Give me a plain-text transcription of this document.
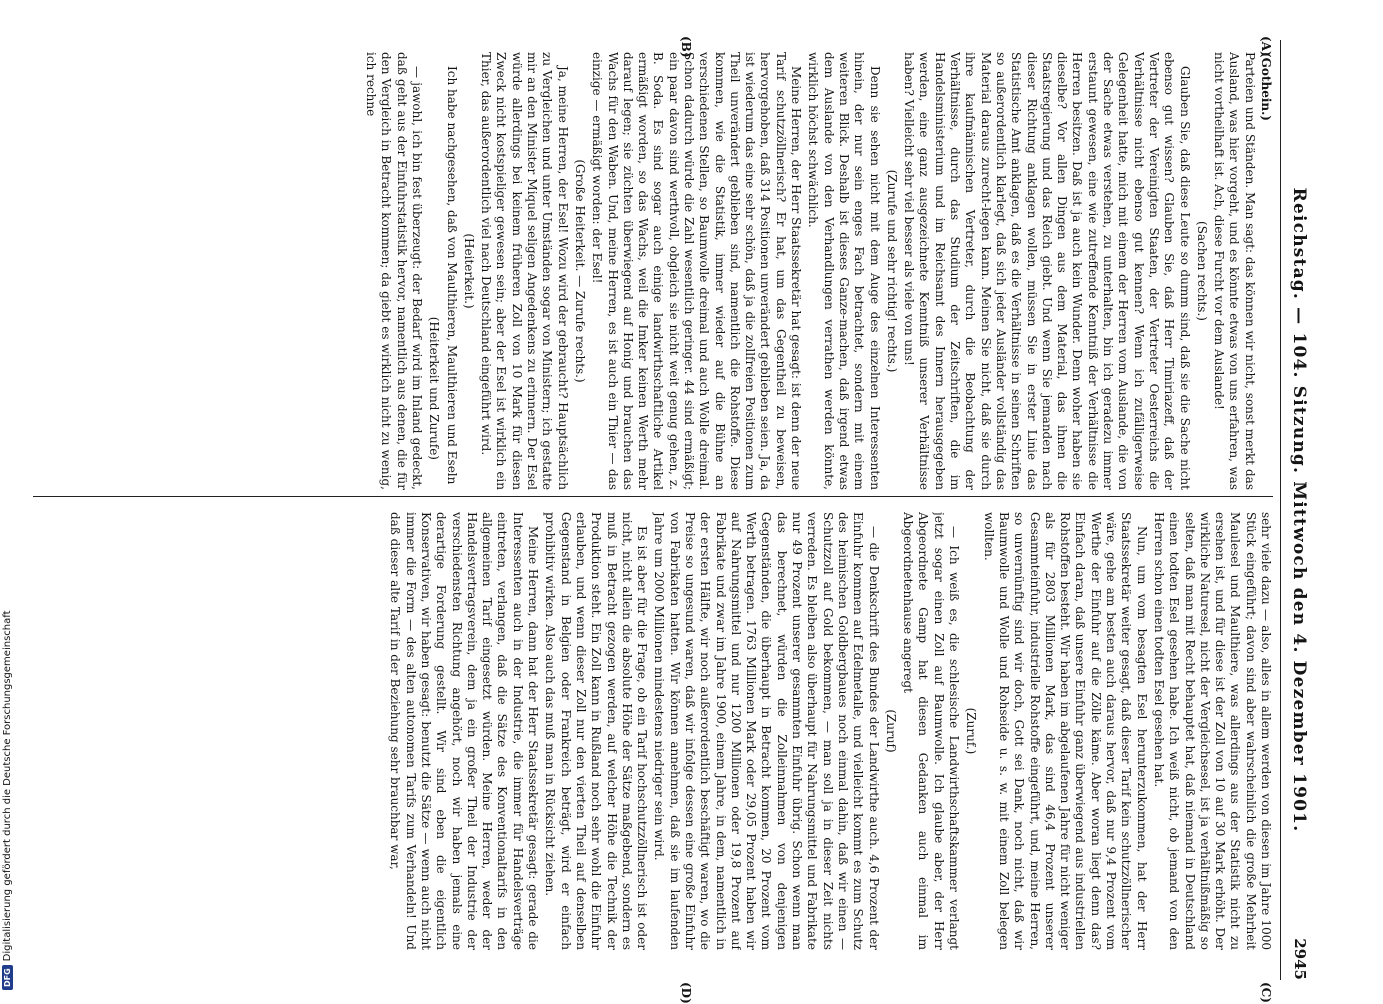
DFG
Digitalisierung gefördert durch die Deutsche Forschungsgemeinschaft	Reichstag. — 104. Sitzung. Mittwoch den 4. Dezember 1901.
2945
(A)
(B)
(C)
(D)

(Gothein.)

Parteien und Ständen. Man sagt: das können wir nicht, sonst merkt das Ausland, was hier vorgeht, und es könnte etwas von uns erfahren, was nicht vortheilhaft ist. Ach, diese Furcht vor dem Auslande!

(Sachen rechts.)

Glauben Sie, daß diese Leute so dumm sind, daß sie die Sache nicht ebenso gut wissen? Glauben Sie, daß Herr Timiriazeff, daß der Vertreter der Vereinigten Staaten, der Vertreter Oesterreichs die Verhältnisse nicht ebenso gut kennen? Wenn ich zufälligerweise Gelegenheit hatte, mich mit einem der Herren vom Auslande, die von der Sache etwas verstehen, zu unterhalten, bin ich geradezu immer erstaunt gewesen, eine wie zutreffende Kenntniß der Verhältnisse die Herren besitzen. Daß ist ja auch kein Wunder. Denn woher haben sie dieselbe? Vor allen Dingen aus dem Material, das ihnen die Staatsregierung und das Reich giebt. Und wenn Sie jemanden nach dieser Richtung anklagen wollen, müssen Sie in erster Linie das Statistische Amt anklagen, daß es die Verhältnisse in seinen Schriften so außerordentlich klarlegt, daß sich jeder Ausländer vollständig das Material daraus zurecht-legen kann. Meinen Sie nicht, daß sie durch ihre kaufmännischen Vertreter, durch die Beobachtung der Verhältnisse, durch das Studium der Zeitschriften, die im Handelsministerium und im Reichsamt des Innern herausgegeben werden, eine ganz ausgezeichnete Kenntniß unserer Verhältnisse haben? Vielleicht sehr viel besser als viele von uns!

(Zurufe und sehr richtig! rechts.)

Denn sie sehen nicht mit dem Auge des einzelnen Interessenten hinein, der nur sein enges Fach betrachtet, sondern mit einem weiteren Blick. Deshalb ist dieses Ganze-machen, daß irgend etwas dem Auslande von den Verhandlungen verrathen werden könnte, wirklich höchst schwächlich.

Meine Herren, der Herr Staatssekretär hat gesagt: ist denn der neue Tarif schutzzöllnerisch? Er hat, um das Gegentheil zu beweisen, hervorgehoben, daß 314 Positionen unverändert geblieben seien. Ja, da ist wiederum das eine sehr schön, daß ja die zollfreien Positionen zum Theil unverändert geblieben sind, namentlich die Rohstoffe. Diese kommen, wie die Statistik, immer wieder auf die Bühne an verschiedenen Stellen, so Baumwolle dreimal und auch Wolle dreimal. Schon dadurch würde die Zahl wesentlich geringer. 44 sind ermäßigt; ein paar davon sind werthvoll, obgleich sie nicht weit genug gehen, z. B. Soda. Es sind sogar auch einige landwirthschaftliche Artikel ermäßigt worden, so das Wachs, weil die Imker keinen Werth mehr darauf legen; sie züchten überwiegend auf Honig und brauchen das Wachs für den Waben. Und, meine Herren, es ist auch ein Thier — das einzige — ermäßigt worden: der Esel!

(Große Heiterkeit. — Zurufe rechts.)

Ja, meine Herren, der Esel! Wozu wird der gebraucht? Hauptsächlich zu Vergleichen und unter Umständen sogar von Ministern; ich gestatte mir an den Minister Miquel seligen Angedenkens zu erinnern. Der Esel würde allerdings bei keinem früheren Zoll von 10 Mark für diesen Zweck nicht kostspieliger gewesen sein; aber der Esel ist wirklich ein Thier, das außerordentlich viel nach Deutschland eingeführt wird.

(Heiterkeit.)

Ich habe nachgesehen, daß von Maulthieren, Maulthieren und Eseln

(Heiterkeit und Zurufe)

— jawohl, ich bin fest überzeugt: der Bedarf wird im Inland gedeckt, daß geht aus der Einfuhrstatistik hervor, namentlich aus denen, die für den Vergleich in Betracht kommen; da giebt es wirklich nicht zu wenig, ich rechne

sehr viele dazu — also, alles in allem werden von diesen im Jahre 1000 Stück eingeführt; davon sind aber wahrscheinlich die große Mehrheit Maulesel und Maulthiere, was allerdings aus der Statistik nicht zu ersehen ist, und für diese ist der Zoll von 10 auf 30 Mark erhöht. Der wirkliche Naturesel, nicht der Vergleichsesel, ist ja verhältnißmäßig so selten, daß man mit Recht behauptet hat, daß niemand in Deutschland einen todten Esel gesehen habe. Ich weiß nicht, ob jemand von den Herren schon einen todten Esel gesehen hat.

Nun, um vom besagten Esel herunterzukommen, hat der Herr Staatssekretär weiter gesagt, daß dieser Tarif kein schutzzöllnerischer wäre, gehe am besten auch daraus hervor, daß nur 9,4 Prozent vom Werthe der Einfuhr auf die Zölle käme. Aber woran liegt denn das? Einfach daran, daß unsere Einfuhr ganz überwiegend aus industriellen Rohstoffen besteht. Wir haben im abgelaufenen Jahre für nicht weniger als für 2803 Millionen Mark, das sind 46,4 Prozent unserer Gesammteinfuhr, industrielle Rohstoffe eingeführt, und, meine Herren, so unvernünftig sind wir doch, Gott sei Dank, noch nicht, daß wir Baumwolle und Wolle und Rohseide u. s. w. mit einem Zoll belegen wollten.

(Zuruf.)

— Ich weiß es, die schlesische Landwirthschaftskammer verlangt jetzt sogar einen Zoll auf Baumwolle. Ich glaube aber, der Herr Abgeordnete Gamp hat diesen Gedanken auch einmal im Abgeordnetenhause angeregt

(Zuruf)

— die Denkschrift des Bundes der Landwirthe auch. 4,6 Prozent der Einfuhr kommen auf Edelmetalle, und vielleicht kommt es zum Schutz des heimischen Goldbergbaues noch einmal dahin, daß wir einen — Schutzzoll auf Gold bekommen, — man soll ja in dieser Zeit nichts verreden. Es bleiben also überhaupt für Nahrungsmittel und Fabrikate nur 49 Prozent unserer gesammten Einfuhr übrig. Schon wenn man das berechnet, würden die Zolleinnahmen von denjenigen Gegenständen, die überhaupt in Betracht kommen, 20 Prozent vom Werth betragen. 1763 Millionen Mark oder 29,05 Prozent haben wir auf Nahrungsmittel und nur 1200 Millionen oder 19,8 Prozent auf Fabrikate und zwar im Jahre 1900, einem Jahre, in dem, namentlich in der ersten Hälfte, wir noch außerordentlich beschäftigt waren, wo die Preise so ungesund waren, daß wir infolge dessen eine große Einfuhr von Fabrikaten hatten. Wir können annehmen, daß sie im laufenden Jahre um 2000 Millionen mindestens niedriger sein wird.

Es ist aber für die Frage, ob ein Tarif hochschutzzöllnerisch ist oder nicht, nicht allein die absolute Höhe der Sätze maßgebend, sondern es muß in Betracht gezogen werden, auf welcher Höhe die Technik der Produktion steht. Ein Zoll kann in Rußland noch sehr wohl die Einfuhr erlauben, und wenn dieser Zoll nur den vierten Theil auf denselben Gegenstand in Belgien oder Frankreich beträgt, wird er einfach prohibitiv wirken. Also auch das muß man in Rücksicht ziehen.

Meine Herren, dann hat der Herr Staatssekretär gesagt: gerade die Interessenten auch in der Industrie, die immer für Handelsverträge eintreten, verlangen, daß die Sätze des Konventionaltarifs in den allgemeinen Tarif eingesetzt würden. Meine Herren, weder der Handelsvertragsverein, dem ja ein großer Theil der Industrie der verschiedensten Richtung angehört, noch wir haben jemals eine derartige Forderung gestellt. Wir sind eben die eigentlich Konservativen, wir haben gesagt: benutzt die Sätze — wenn auch nicht immer die Form — des alten autonomen Tarifs zum Verhandeln! Und daß dieser alte Tarif in der Beziehung sehr brauchbar war,
